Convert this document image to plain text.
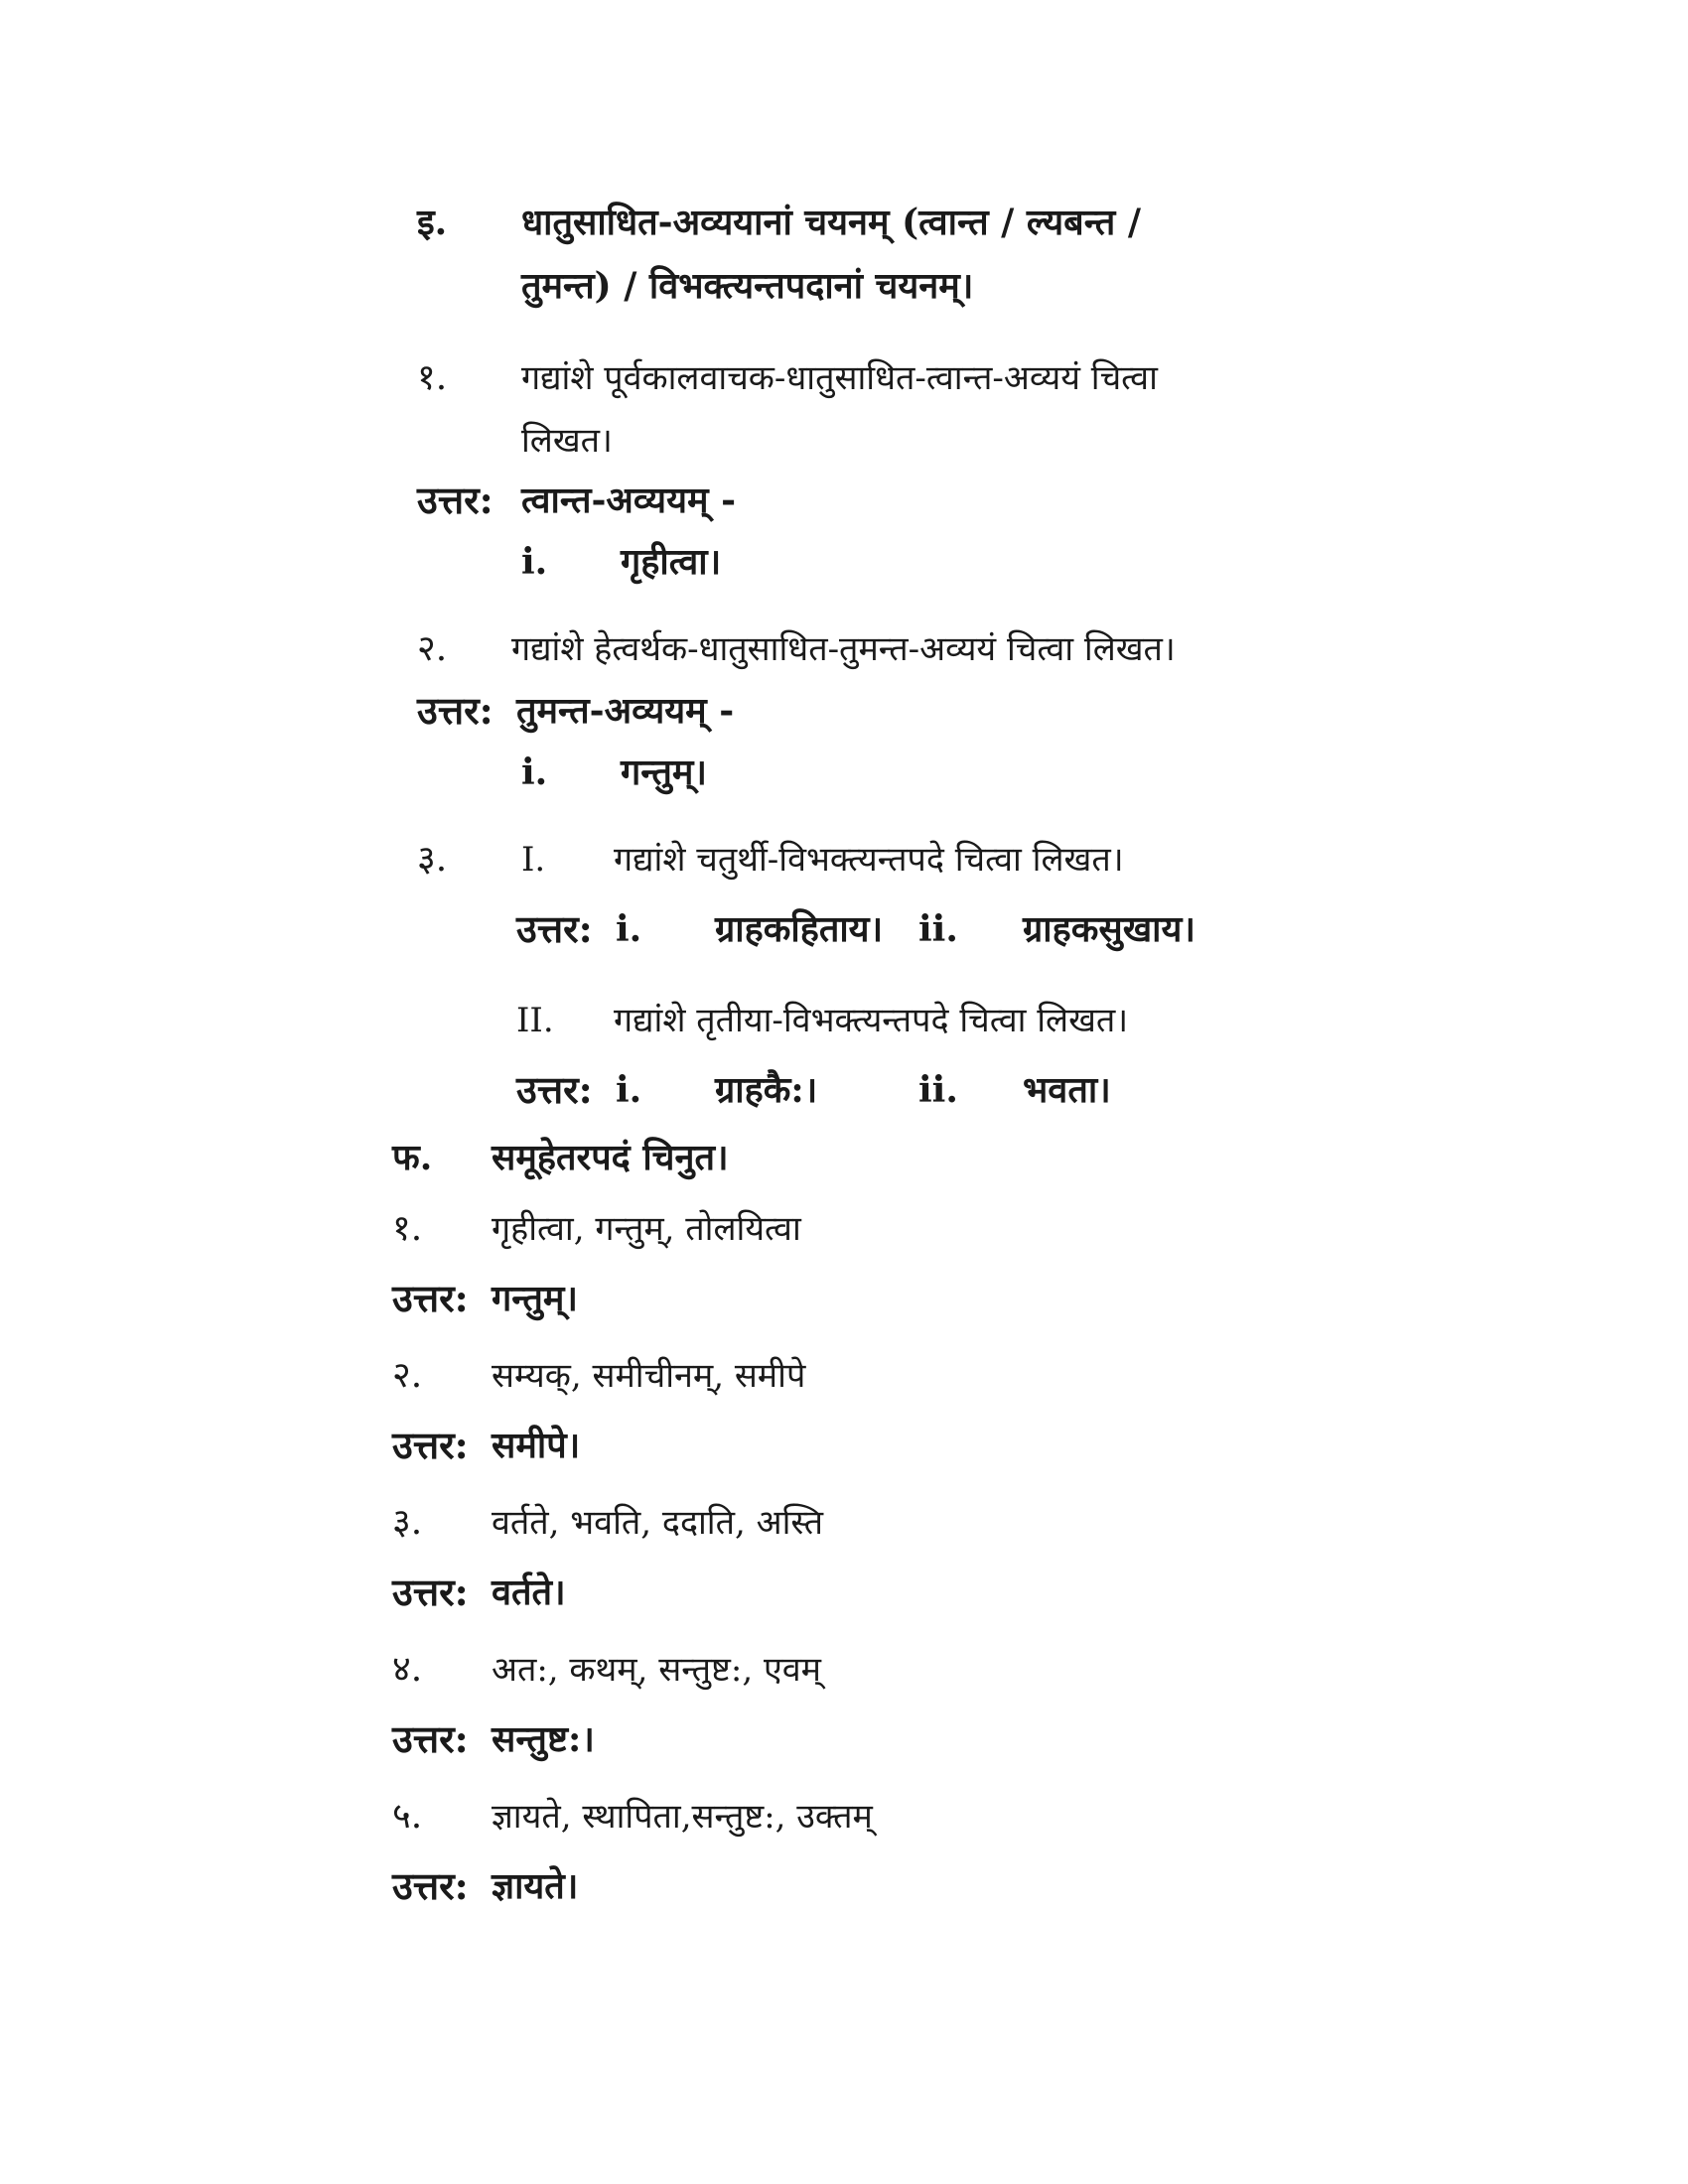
इ. धातुसाधित-अव्ययानां चयनम् (त्वान्त / ल्यबन्त /
तुमन्त) / विभक्त्यन्तपदानां चयनम्।
१. गद्यांशे पूर्वकालवाचक-धातुसाधित-त्वान्त-अव्ययं चित्वा
लिखत।
उत्तर: त्वान्त-अव्ययम् -
i. गृहीत्वा।
२. गद्यांशे हेत्वर्थक-धातुसाधित-तुमन्त-अव्ययं चित्वा लिखत।
उत्तर: तुमन्त-अव्ययम् -
i. गन्तुम्।
३. I. गद्यांशे चतुर्थी-विभक्त्यन्तपदे चित्वा लिखत।
उत्तर: i. ग्राहकहिताय। ii. ग्राहकसुखाय।
II. गद्यांशे तृतीया-विभक्त्यन्तपदे चित्वा लिखत।
उत्तर: i. ग्राहकै:।	ii. भवता।
फ. समूहेतरपदं चिनुत।
१. गृहीत्वा, गन्तुम्, तोलयित्वा
उत्तर: गन्तुम्।
२. सम्यक्, समीचीनम्, समीपे
उत्तर: समीपे।
३. वर्तते, भवति, ददाति, अस्ति
उत्तर: वर्तते।
४. अत:, कथम्, सन्तुष्ट:, एवम्
उत्तर: सन्तुष्ट:।
५. ज्ञायते, स्थापिता,सन्तुष्ट:, उक्तम्
उत्तर: ज्ञायते।
